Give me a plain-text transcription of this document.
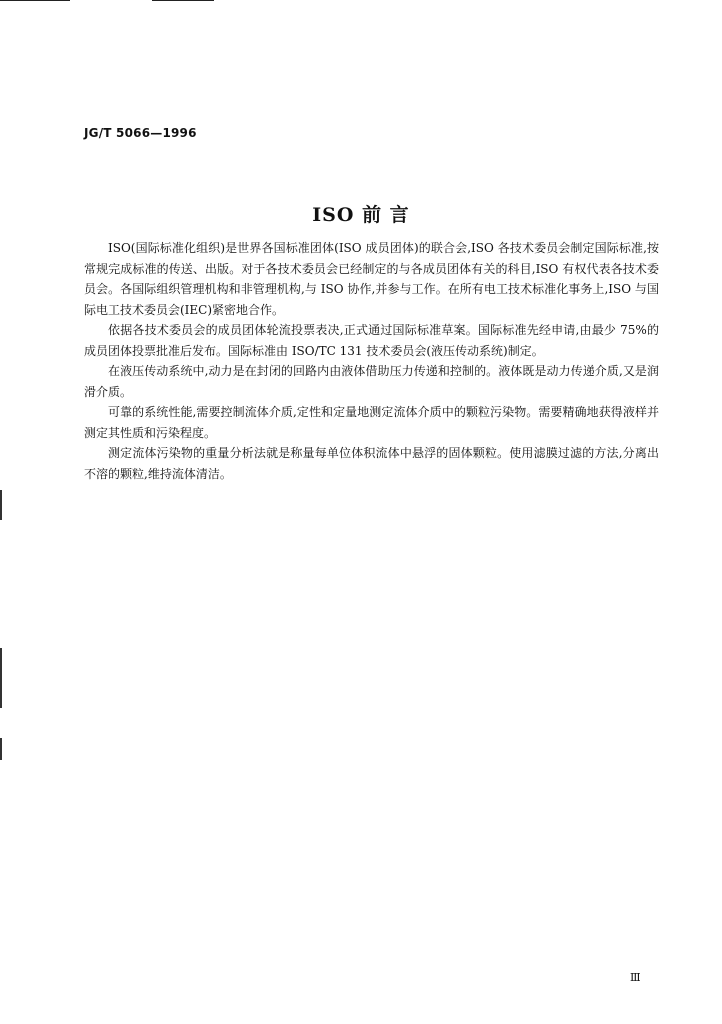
JG/T 5066—1996
ISO 前 言

ISO(国际标准化组织)是世界各国标准团体(ISO 成员团体)的联合会,ISO 各技术委员会制定国际标准,按常规完成标准的传送、出版。对于各技术委员会已经制定的与各成员团体有关的科目,ISO 有权代表各技术委员会。各国际组织管理机构和非管理机构,与 ISO 协作,并参与工作。在所有电工技术标准化事务上,ISO 与国际电工技术委员会(IEC)紧密地合作。

依据各技术委员会的成员团体轮流投票表决,正式通过国际标准草案。国际标准先经申请,由最少 75%的成员团体投票批准后发布。国际标准由 ISO/TC 131 技术委员会(液压传动系统)制定。

在液压传动系统中,动力是在封闭的回路内由液体借助压力传递和控制的。液体既是动力传递介质,又是润滑介质。

可靠的系统性能,需要控制流体介质,定性和定量地测定流体介质中的颗粒污染物。需要精确地获得液样并测定其性质和污染程度。

测定流体污染物的重量分析法就是称量每单位体积流体中悬浮的固体颗粒。使用滤膜过滤的方法,分离出不溶的颗粒,维持流体清洁。

Ⅲ
